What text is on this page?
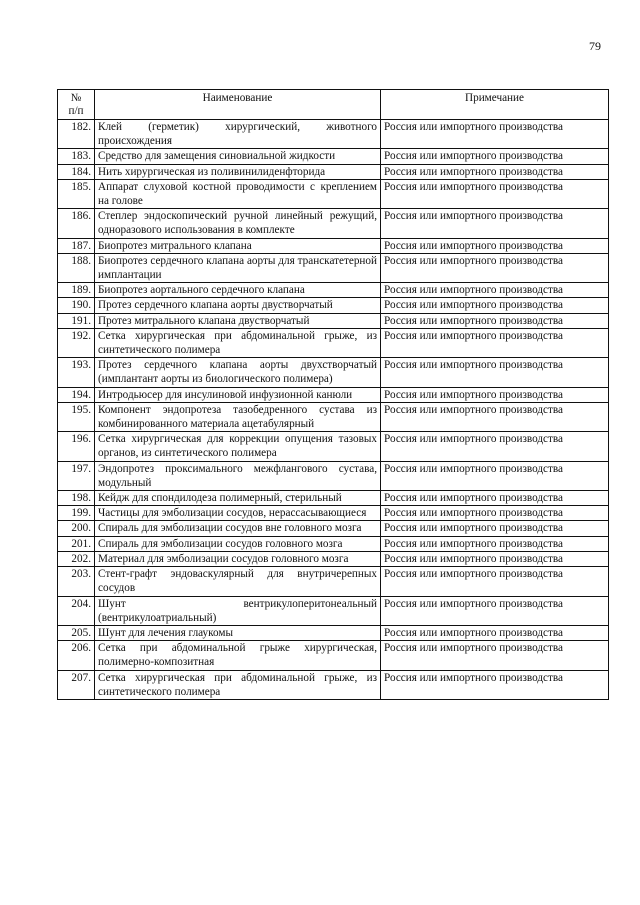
79
№
п/п	Наименование	Примечание
182.	Клей (герметик) хирургический, животного происхождения	Россия или импортного производства
183.	Средство для замещения синовиальной жидкости	Россия или импортного производства
184.	Нить хирургическая из поливинилиденфторида	Россия или импортного производства
185.	Аппарат слуховой костной проводимости с креплением на голове	Россия или импортного производства
186.	Степлер эндоскопический ручной линейный режущий, одноразового использования в комплекте	Россия или импортного производства
187.	Биопротез митрального клапана	Россия или импортного производства
188.	Биопротез сердечного клапана аорты для транскатетерной имплантации	Россия или импортного производства
189.	Биопротез аортального сердечного клапана	Россия или импортного производства
190.	Протез сердечного клапана аорты двустворчатый	Россия или импортного производства
191.	Протез митрального клапана двустворчатый	Россия или импортного производства
192.	Сетка хирургическая при абдоминальной грыже, из синтетического полимера	Россия или импортного производства
193.	Протез сердечного клапана аорты двухстворчатый (имплантант аорты из биологического полимера)	Россия или импортного производства
194.	Интродьюсер для инсулиновой инфузионной канюли	Россия или импортного производства
195.	Компонент эндопротеза тазобедренного сустава из комбинированного материала ацетабулярный	Россия или импортного производства
196.	Сетка хирургическая для коррекции опущения тазовых органов, из синтетического полимера	Россия или импортного производства
197.	Эндопротез проксимального межфлангового сустава, модульный	Россия или импортного производства
198.	Кейдж для спондилодеза полимерный, стерильный	Россия или импортного производства
199.	Частицы для эмболизации сосудов, нерассасывающиеся	Россия или импортного производства
200.	Спираль для эмболизации сосудов вне головного мозга	Россия или импортного производства
201.	Спираль для эмболизации сосудов головного мозга	Россия или импортного производства
202.	Материал для эмболизации сосудов головного мозга	Россия или импортного производства
203.	Стент-графт эндоваскулярный для внутричерепных сосудов	Россия или импортного производства
204.	Шунт вентрикулоперитонеальный (вентрикулоатриальный)	Россия или импортного производства
205.	Шунт для лечения глаукомы	Россия или импортного производства
206.	Сетка при абдоминальной грыже хирургическая, полимерно-композитная	Россия или импортного производства
207.	Сетка хирургическая при абдоминальной грыже, из синтетического полимера	Россия или импортного производства
